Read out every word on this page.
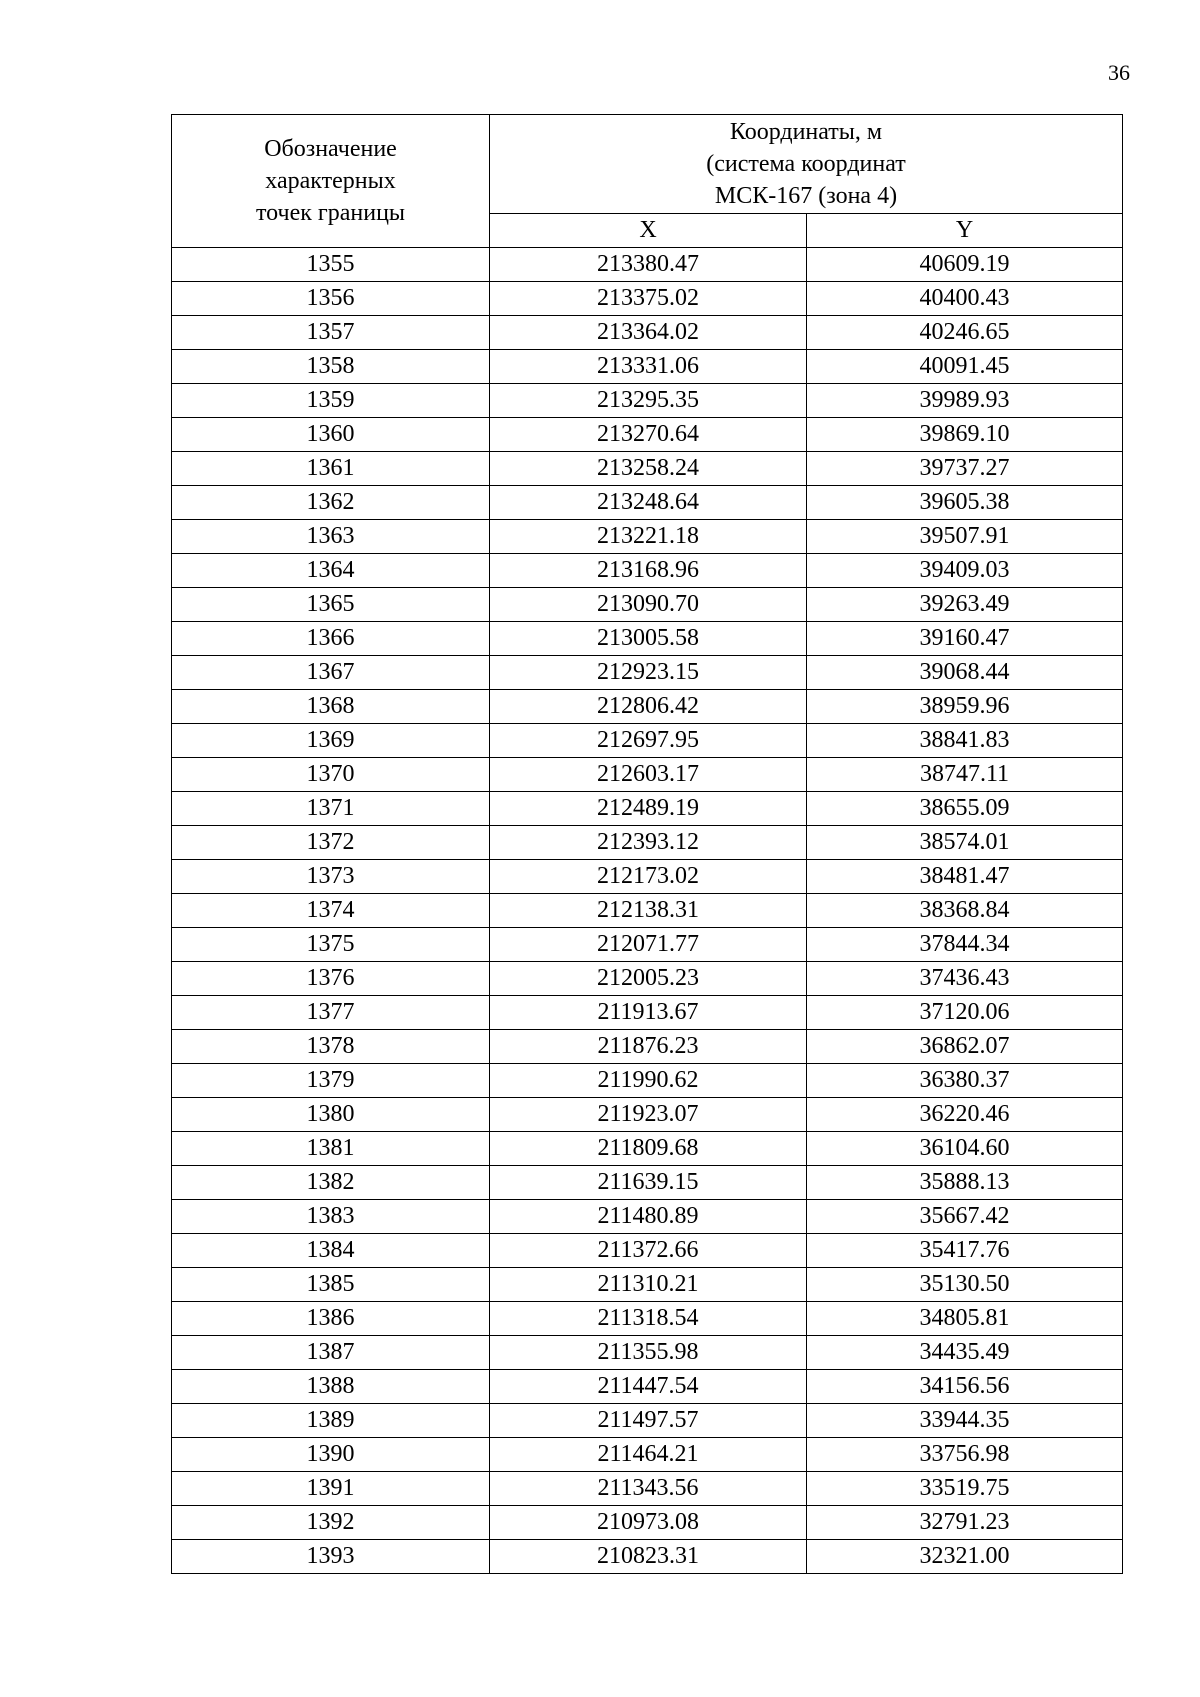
36
Обозначение
характерных
точек границы	Координаты, м
(система координат
МСК-167 (зона 4)	

	X	Y
1355	213380.47	40609.19
1356	213375.02	40400.43
1357	213364.02	40246.65
1358	213331.06	40091.45
1359	213295.35	39989.93
1360	213270.64	39869.10
1361	213258.24	39737.27
1362	213248.64	39605.38
1363	213221.18	39507.91
1364	213168.96	39409.03
1365	213090.70	39263.49
1366	213005.58	39160.47
1367	212923.15	39068.44
1368	212806.42	38959.96
1369	212697.95	38841.83
1370	212603.17	38747.11
1371	212489.19	38655.09
1372	212393.12	38574.01
1373	212173.02	38481.47
1374	212138.31	38368.84
1375	212071.77	37844.34
1376	212005.23	37436.43
1377	211913.67	37120.06
1378	211876.23	36862.07
1379	211990.62	36380.37
1380	211923.07	36220.46
1381	211809.68	36104.60
1382	211639.15	35888.13
1383	211480.89	35667.42
1384	211372.66	35417.76
1385	211310.21	35130.50
1386	211318.54	34805.81
1387	211355.98	34435.49
1388	211447.54	34156.56
1389	211497.57	33944.35
1390	211464.21	33756.98
1391	211343.56	33519.75
1392	210973.08	32791.23
1393	210823.31	32321.00
